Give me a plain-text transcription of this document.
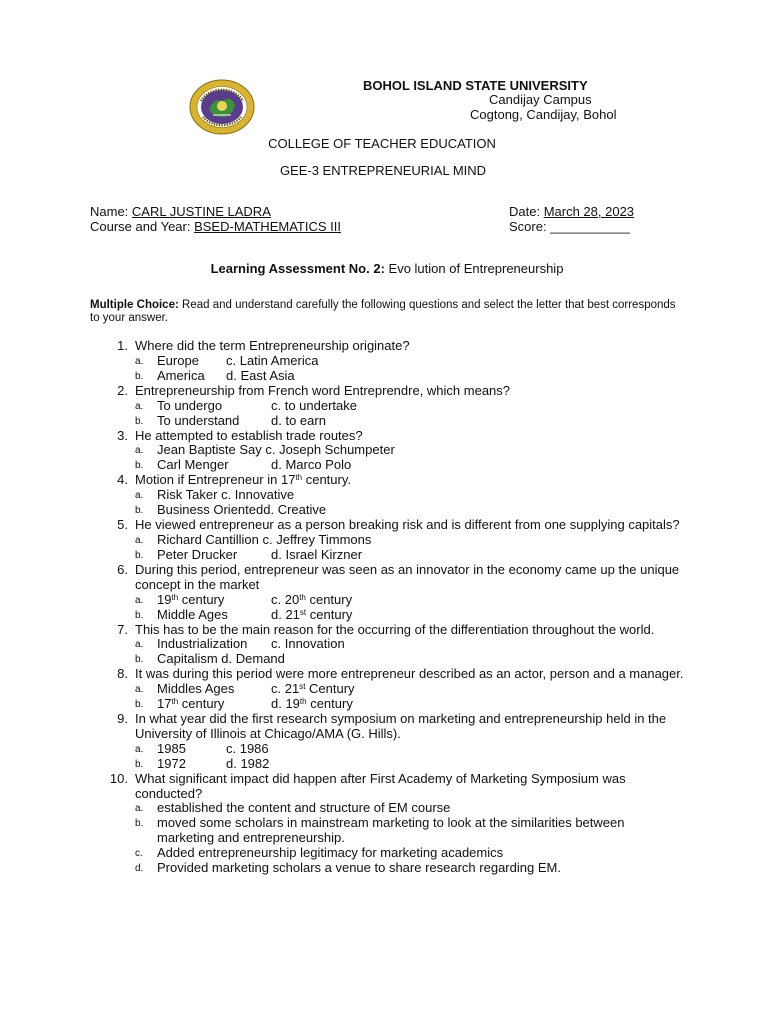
BOHOL ISLAND STATE UNIVERSITY
Candijay Campus
Cogtong, Candijay, Bohol
COLLEGE OF TEACHER EDUCATION
GEE-3 ENTREPRENEURIAL MIND
Name: CARL JUSTINE LADRA
Course and Year: BSED-MATHEMATICS III
Date: March 28, 2023
Score: ___________
Learning Assessment No. 2: Evo lution of Entrepreneurship
Multiple Choice: Read and understand carefully the following questions and select the letter that best corresponds to your answer.
1. Where did the term Entrepreneurship originate?
a.	Europe c. Latin America
b.	America d. East Asia
2. Entrepreneurship from French word Entreprendre, which means?
a.	To undergo	c. to undertake
b.	To understand d. to earn
3. He attempted to establish trade routes?
a.	Jean Baptiste Say c. Joseph Schumpeter
b.	Carl Menger	d. Marco Polo
4. Motion if Entrepreneur in 17th century.
a.	Risk Taker c. Innovative
b.	Business Orientedd. Creative
5. He viewed entrepreneur as a person breaking risk and is different from one supplying capitals?
a.	Richard Cantillion c. Jeffrey Timmons
b.	Peter Drucker	d. Israel Kirzner
6. During this period, entrepreneur was seen as an innovator in the economy came up the unique concept in the market
a.	19th century	c. 20th century
b.	Middle Ages	d. 21st century
7. This has to be the main reason for the occurring of the differentiation throughout the world.
a.	Industrialization c. Innovation
b.	Capitalism d. Demand
8. It was during this period were more entrepreneur described as an actor, person and a manager.
a.	Middles Ages	c. 21st Century
b.	17th century	d. 19th century
9. In what year did the first research symposium on marketing and entrepreneurship held in the University of Illinois at Chicago/AMA (G. Hills).
a.	1985	c. 1986
b.	1972	d. 1982
10. What significant impact did happen after First Academy of Marketing Symposium was conducted?
a.	established the content and structure of EM course
b.	moved some scholars in mainstream marketing to look at the similarities between marketing and entrepreneurship.
c.	Added entrepreneurship legitimacy for marketing academics
d.	Provided marketing scholars a venue to share research regarding EM.
